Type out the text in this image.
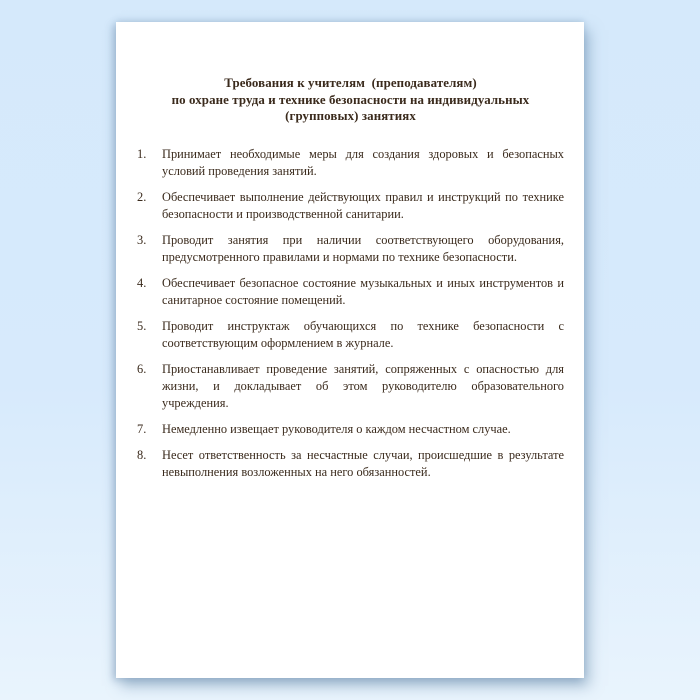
Требования к учителям  (преподавателям)
по охране труда и технике безопасности на индивидуальных
(групповых) занятиях
1. Принимает необходимые меры для создания здоровых и безопасных условий проведения занятий.
2. Обеспечивает выполнение действующих правил и инструкций по технике безопасности и производственной санитарии.
3. Проводит занятия при наличии соответствующего оборудования, предусмотренного правилами и нормами по технике безопасности.
4. Обеспечивает безопасное состояние музыкальных и иных инструментов и санитарное состояние помещений.
5. Проводит инструктаж обучающихся по технике безопасности с соответствующим оформлением в журнале.
6. Приостанавливает проведение занятий, сопряженных с опасностью для жизни, и докладывает об этом руководителю образовательного учреждения.
7. Немедленно извещает руководителя о каждом несчастном случае.
8. Несет ответственность за несчастные случаи, происшедшие в результате невыполнения возложенных на него обязанностей.
